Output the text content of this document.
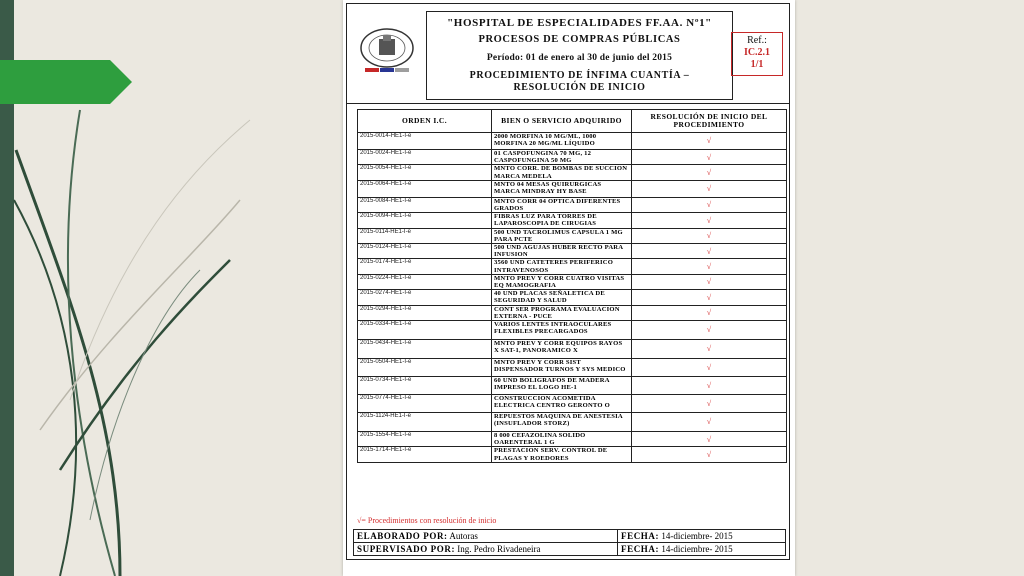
"HOSPITAL DE ESPECIALIDADES FF.AA. Nº1"
PROCESOS DE COMPRAS PÚBLICAS
Período: 01 de enero al 30 de junio del 2015
PROCEDIMIENTO DE ÍNFIMA CUANTÍA –
RESOLUCIÓN DE INICIO
Ref.:
IC.2.1
1/1
ORDEN I.C.	BIEN O SERVICIO ADQUIRIDO	RESOLUCIÓN DE INICIO DEL PROCEDIMIENTO
2015-0014-HE1-I-e	2000 MORFINA 10 MG/ML, 1000 MORFINA 20 MG/ML LÍQUIDO	√
2015-0024-HE1-I-e	01 CASPOFUNGINA 70 MG, 12 CASPOFUNGINA 50 MG	√
2015-0054-HE1-I-e	MNTO CORR. DE BOMBAS DE SUCCION MARCA MEDELA	√
2015-0064-HE1-I-e	MNTO 04 MESAS QUIRURGICAS MARCA MINDRAY HY BASE	√
2015-0084-HE1-I-e	MNTO CORR 04 OPTICA DIFERENTES GRADOS	√
2015-0094-HE1-I-e	FIBRAS LUZ PARA TORRES DE LAPAROSCOPIA DE CIRUGIAS	√
2015-0114-HE1-I-e	500 UND TACROLIMUS CAPSULA 1 MG PARA PCTE	√
2015-0124-HE1-I-e	500 UND AGUJAS HUBER RECTO PARA INFUSION	√
2015-0174-HE1-I-e	3560 UND CATETERES PERIFERICO INTRAVENOSOS	√
2015-0224-HE1-I-e	MNTO PREV Y CORR CUATRO VISITAS EQ MAMOGRAFIA	√
2015-0274-HE1-I-e	40 UND PLACAS SEÑALETICA DE SEGURIDAD Y SALUD	√
2015-0294-HE1-I-e	CONT SER PROGRAMA EVALUACION EXTERNA - PUCE	√
2015-0334-HE1-I-e	VARIOS LENTES INTRAOCULARES FLEXIBLES PRECARGADOS	√
2015-0434-HE1-I-e	MNTO PREV Y CORR EQUIPOS RAYOS X SAT-1, PANORAMICO X	√
2015-0504-HE1-I-e	MNTO PREV Y CORR SIST DISPENSADOR TURNOS Y SYS MEDICO	√
2015-0734-HE1-I-e	60 UND BOLIGRAFOS DE MADERA IMPRESO EL LOGO HE-1	√
2015-0774-HE1-I-e	CONSTRUCCION ACOMETIDA ELECTRICA CENTRO GERONTO O	√
2015-1124-HE1-I-e	REPUESTOS MAQUINA DE ANESTESIA (INSUFLADOR STORZ)	√
2015-1554-HE1-I-e	8 000 CEFAZOLINA SOLIDO OARENTERAL 1 G	√
2015-1714-HE1-I-e	PRESTACION SERV. CONTROL DE PLAGAS Y ROEDORES	√
√= Procedimientos con resolución de inicio
ELABORADO POR: Autoras	FECHA: 14-diciembre- 2015
SUPERVISADO POR: Ing. Pedro Rivadeneira	FECHA: 14-diciembre- 2015
